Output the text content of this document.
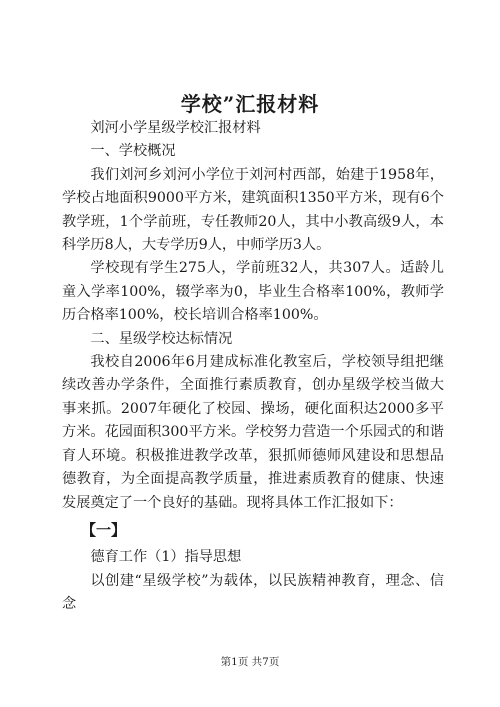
学校”汇报材料

刘河小学星级学校汇报材料

一、学校概况

我们刘河乡刘河小学位于刘河村西部，始建于1958年，学校占地面积9000平方米，建筑面积1350平方米，现有6个教学班，1个学前班，专任教师20人，其中小教高级9人，本科学历8人，大专学历9人，中师学历3人。

学校现有学生275人，学前班32人，共307人。适龄儿童入学率100%，辍学率为0，毕业生合格率100%，教师学历合格率100%，校长培训合格率100%。

二、星级学校达标情况

我校自2006年6月建成标准化教室后，学校领导组把继续改善办学条件，全面推行素质教育，创办星级学校当做大事来抓。2007年硬化了校园、操场，硬化面积达2000多平方米。花园面积300平方米。学校努力营造一个乐园式的和谐育人环境。积极推进教学改革，狠抓师德师风建设和思想品德教育，为全面提高教学质量，推进素质教育的健康、快速发展奠定了一个良好的基础。现将具体工作汇报如下：

【一】

德育工作（1）指导思想

以创建“星级学校”为载体，以民族精神教育，理念、信念

第1页 共7页
